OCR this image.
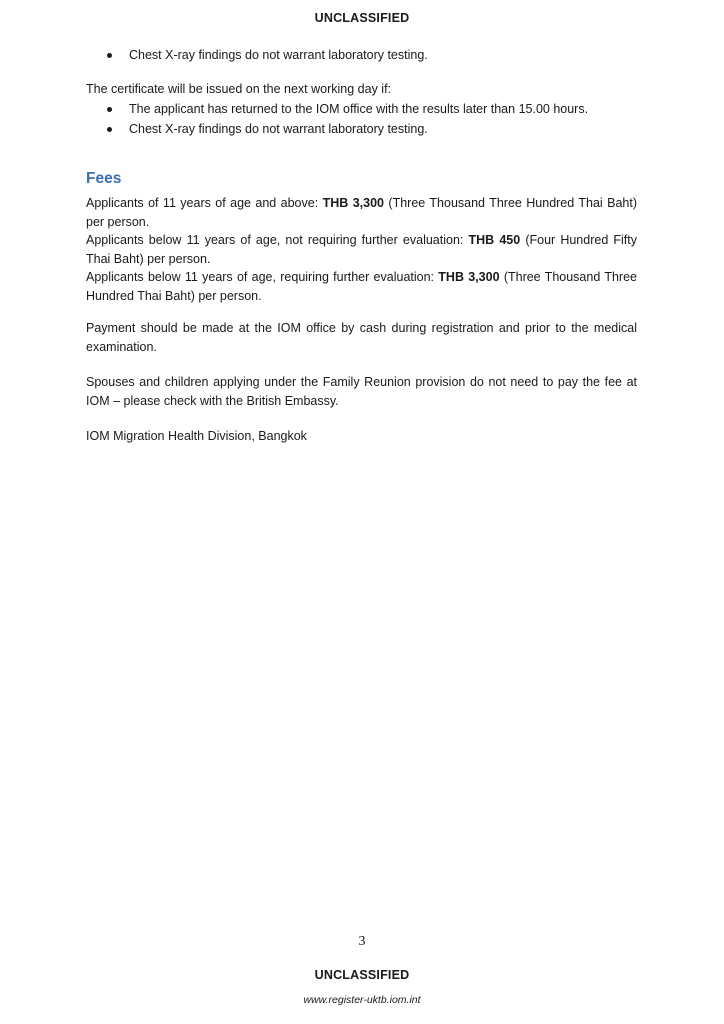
UNCLASSIFIED
Chest X-ray findings do not warrant laboratory testing.

The certificate will be issued on the next working day if:

The applicant has returned to the IOM office with the results later than 15.00 hours.
Chest X-ray findings do not warrant laboratory testing.
Fees
Applicants of 11 years of age and above: THB 3,300 (Three Thousand Three Hundred Thai Baht) per person.
Applicants below 11 years of age, not requiring further evaluation: THB 450 (Four Hundred Fifty Thai Baht) per person.
Applicants below 11 years of age, requiring further evaluation: THB 3,300 (Three Thousand Three Hundred Thai Baht) per person.

Payment should be made at the IOM office by cash during registration and prior to the medical examination.

Spouses and children applying under the Family Reunion provision do not need to pay the fee at IOM – please check with the British Embassy.

IOM Migration Health Division, Bangkok

3
UNCLASSIFIED
www.register-uktb.iom.int
